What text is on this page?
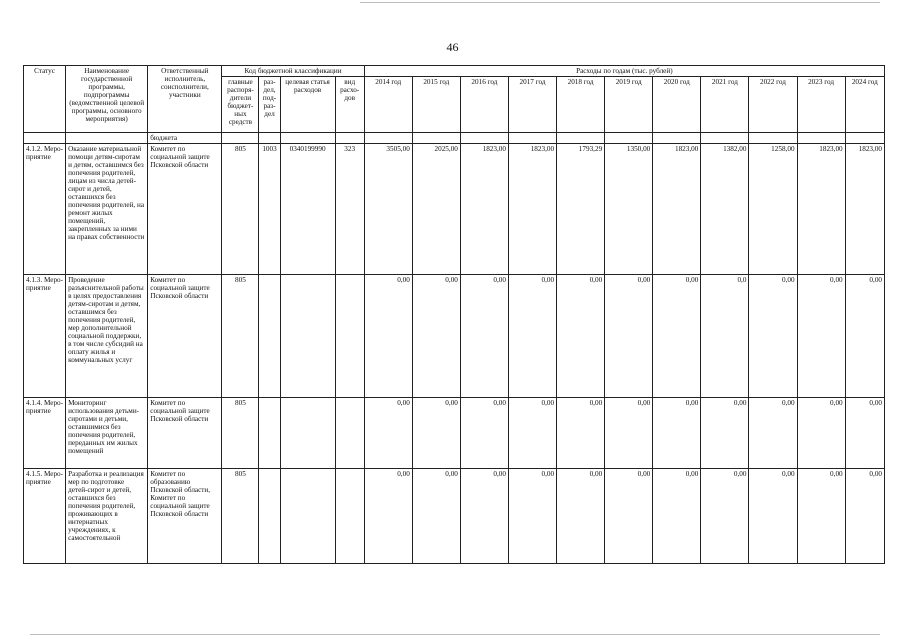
46
Статус	Наименование государственной программы, подпрограммы (ведомственной целевой программы, основного мероприятия)	Ответственный исполнитель, соисполнители, участники	Код бюджетной классификации				Расходы по годам (тыс. рублей)										
			главные распоря-дители бюджет-ных средств	раз-дел, под-раз-дел	целевая статья расходов	вид расхо-дов	2014 год	2015 год	2016 год	2017 год	2018 год	2019 год	2020 год	2021 год	2022 год	2023 год	2024 год
		бюджета															
4.1.2. Меро-приятие	Оказание материальной помощи детям-сиротам и детям, оставшимся без попечения родителей, лицам из числа детей-сирот и детей, оставшихся без попечения родителей, на ремонт жилых помещений, закрепленных за ними на правах собственности	Комитет по социальной защите Псковской области	805	1003	0340199990	323	3505,00	2025,00	1823,00	1823,00	1793,29	1350,00	1823,00	1382,00	1258,00	1823,00	1823,00
4.1.3. Меро-приятие	Проведение разъяснительной работы в целях предоставления детям-сиротам и детям, оставшимся без попечения родителей, мер дополнительной социальной поддержки, в том числе субсидий на оплату жилья и коммунальных услуг	Комитет по социальной защите Псковской области	805				0,00	0,00	0,00	0,00	0,00	0,00	0,00	0,0	0,00	0,00	0,00
4.1.4. Меро-приятие	Мониторинг использования детьми-сиротами и детьми, оставшимися без попечения родителей, переданных им жилых помещений	Комитет по социальной защите Псковской области	805				0,00	0,00	0,00	0,00	0,00	0,00	0,00	0,00	0,00	0,00	0,00
4.1.5. Меро-приятие	Разработка и реализация мер по подготовке детей-сирот и детей, оставшихся без попечения родителей, проживающих в интернатных учреждениях, к самостоятельной	Комитет по образованию Псковской области, Комитет по социальной защите Псковской области	805				0,00	0,00	0,00	0,00	0,00	0,00	0,00	0,00	0,00	0,00	0,00
